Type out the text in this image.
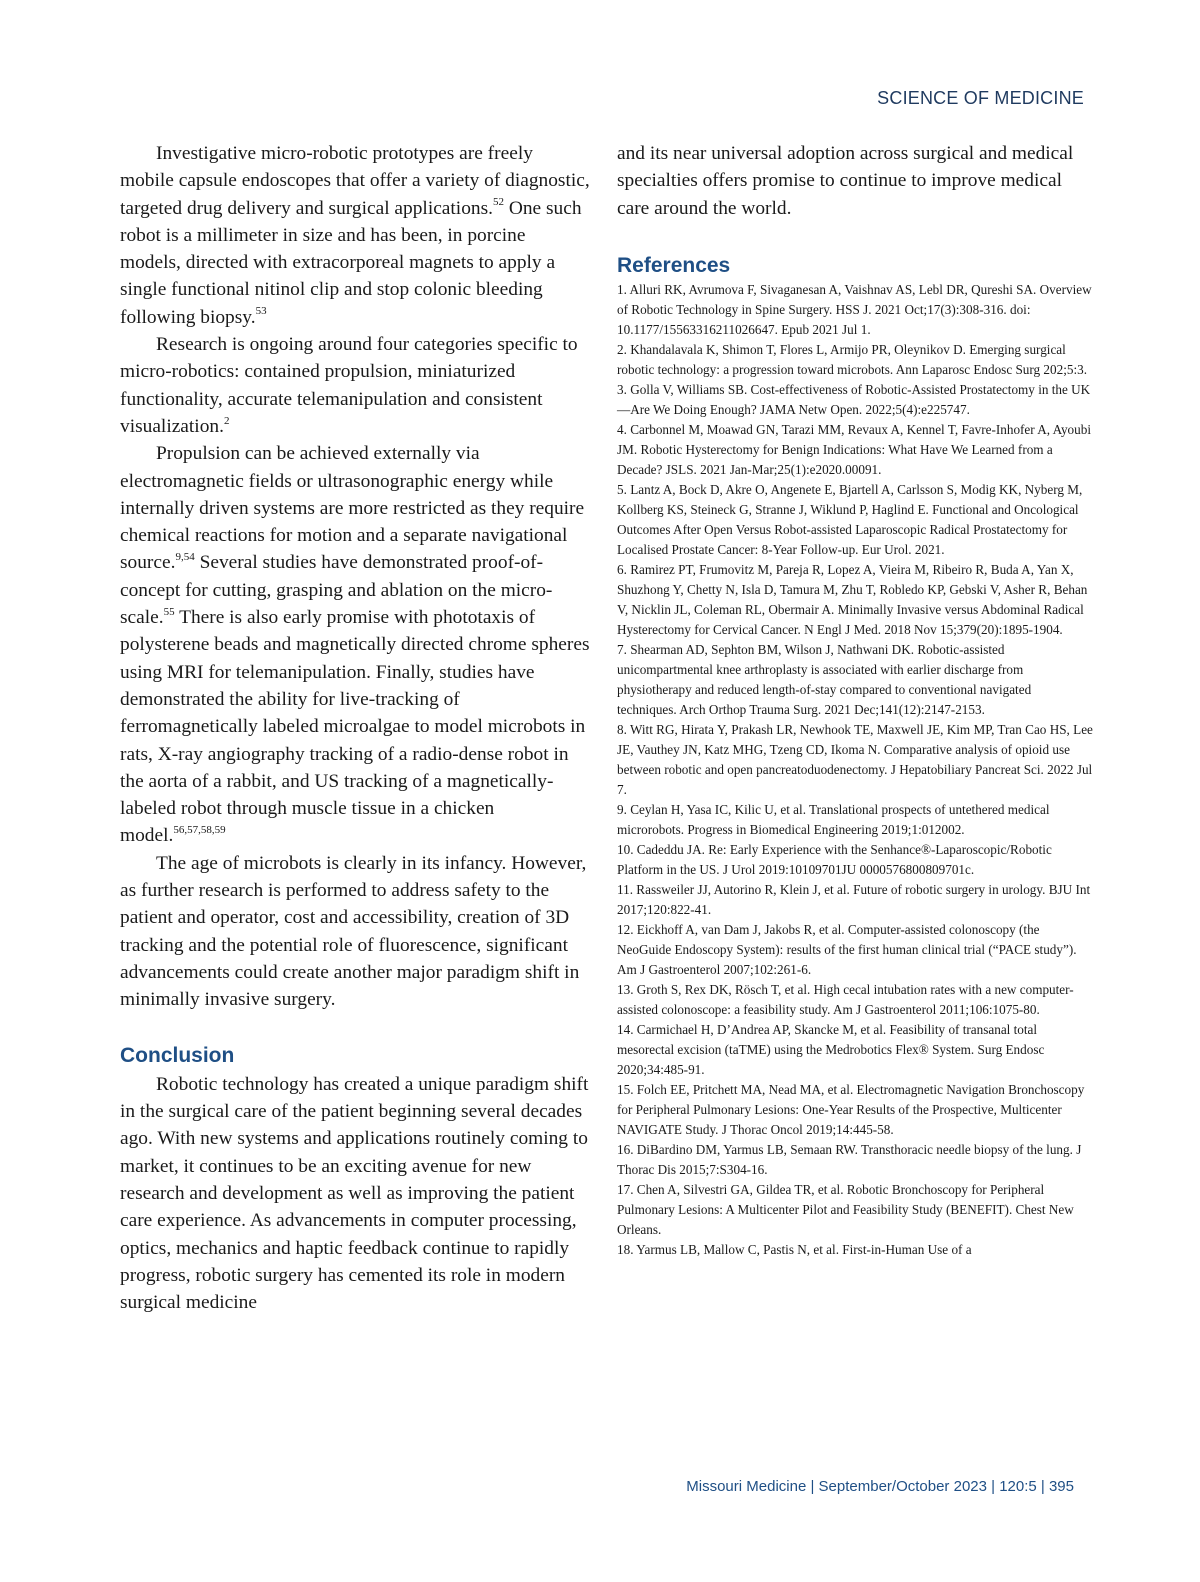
SCIENCE OF MEDICINE

Investigative micro-robotic prototypes are freely mobile capsule endoscopes that offer a variety of diagnostic, targeted drug delivery and surgical applications.$^{52}$ One such robot is a millimeter in size and has been, in porcine models, directed with extracorporeal magnets to apply a single functional nitinol clip and stop colonic bleeding following biopsy.$^{53}$

Research is ongoing around four categories specific to micro-robotics: contained propulsion, miniaturized functionality, accurate telemanipulation and consistent visualization.$^2$

Propulsion can be achieved externally via electromagnetic fields or ultrasonographic energy while internally driven systems are more restricted as they require chemical reactions for motion and a separate navigational source.$^{9,54}$ Several studies have demonstrated proof-of-concept for cutting, grasping and ablation on the micro-scale.$^{55}$ There is also early promise with phototaxis of polysterene beads and magnetically directed chrome spheres using MRI for telemanipulation. Finally, studies have demonstrated the ability for live-tracking of ferromagnetically labeled microalgae to model microbots in rats, X-ray angiography tracking of a radio-dense robot in the aorta of a rabbit, and US tracking of a magnetically-labeled robot through muscle tissue in a chicken model.$^{56,57,58,59}$

The age of microbots is clearly in its infancy. However, as further research is performed to address safety to the patient and operator, cost and accessibility, creation of 3D tracking and the potential role of fluorescence, significant advancements could create another major paradigm shift in minimally invasive surgery.

Conclusion

Robotic technology has created a unique paradigm shift in the surgical care of the patient beginning several decades ago. With new systems and applications routinely coming to market, it continues to be an exciting avenue for new research and development as well as improving the patient care experience. As advancements in computer processing, optics, mechanics and haptic feedback continue to rapidly progress, robotic surgery has cemented its role in modern surgical medicine

and its near universal adoption across surgical and medical specialties offers promise to continue to improve medical care around the world.

References

1. Alluri RK, Avrumova F, Sivaganesan A, Vaishnav AS, Lebl DR, Qureshi SA. Overview of Robotic Technology in Spine Surgery. HSS J. 2021 Oct;17(3):308-316. doi: 10.1177/15563316211026647. Epub 2021 Jul 1.

2. Khandalavala K, Shimon T, Flores L, Armijo PR, Oleynikov D. Emerging surgical robotic technology: a progression toward microbots. Ann Laparosc Endosc Surg 202;5:3.

3. Golla V, Williams SB. Cost-effectiveness of Robotic-Assisted Prostatectomy in the UK—Are We Doing Enough? JAMA Netw Open. 2022;5(4):e225747.

4. Carbonnel M, Moawad GN, Tarazi MM, Revaux A, Kennel T, Favre-Inhofer A, Ayoubi JM. Robotic Hysterectomy for Benign Indications: What Have We Learned from a Decade? JSLS. 2021 Jan-Mar;25(1):e2020.00091.

5. Lantz A, Bock D, Akre O, Angenete E, Bjartell A, Carlsson S, Modig KK, Nyberg M, Kollberg KS, Steineck G, Stranne J, Wiklund P, Haglind E. Functional and Oncological Outcomes After Open Versus Robot-assisted Laparoscopic Radical Prostatectomy for Localised Prostate Cancer: 8-Year Follow-up. Eur Urol. 2021.

6. Ramirez PT, Frumovitz M, Pareja R, Lopez A, Vieira M, Ribeiro R, Buda A, Yan X, Shuzhong Y, Chetty N, Isla D, Tamura M, Zhu T, Robledo KP, Gebski V, Asher R, Behan V, Nicklin JL, Coleman RL, Obermair A. Minimally Invasive versus Abdominal Radical Hysterectomy for Cervical Cancer. N Engl J Med. 2018 Nov 15;379(20):1895-1904.

7. Shearman AD, Sephton BM, Wilson J, Nathwani DK. Robotic-assisted unicompartmental knee arthroplasty is associated with earlier discharge from physiotherapy and reduced length-of-stay compared to conventional navigated techniques. Arch Orthop Trauma Surg. 2021 Dec;141(12):2147-2153.

8. Witt RG, Hirata Y, Prakash LR, Newhook TE, Maxwell JE, Kim MP, Tran Cao HS, Lee JE, Vauthey JN, Katz MHG, Tzeng CD, Ikoma N. Comparative analysis of opioid use between robotic and open pancreatoduodenectomy. J Hepatobiliary Pancreat Sci. 2022 Jul 7.

9. Ceylan H, Yasa IC, Kilic U, et al. Translational prospects of untethered medical microrobots. Progress in Biomedical Engineering 2019;1:012002.

10. Cadeddu JA. Re: Early Experience with the Senhance®-Laparoscopic/Robotic Platform in the US. J Urol 2019:10109701JU 0000576800809701c.

11. Rassweiler JJ, Autorino R, Klein J, et al. Future of robotic surgery in urology. BJU Int 2017;120:822-41.

12. Eickhoff A, van Dam J, Jakobs R, et al. Computer-assisted colonoscopy (the NeoGuide Endoscopy System): results of the first human clinical trial (“PACE study”). Am J Gastroenterol 2007;102:261-6.

13. Groth S, Rex DK, Rösch T, et al. High cecal intubation rates with a new computer-assisted colonoscope: a feasibility study. Am J Gastroenterol 2011;106:1075-80.

14. Carmichael H, D’Andrea AP, Skancke M, et al. Feasibility of transanal total mesorectal excision (taTME) using the Medrobotics Flex® System. Surg Endosc 2020;34:485-91.

15. Folch EE, Pritchett MA, Nead MA, et al. Electromagnetic Navigation Bronchoscopy for Peripheral Pulmonary Lesions: One-Year Results of the Prospective, Multicenter NAVIGATE Study. J Thorac Oncol 2019;14:445-58.

16. DiBardino DM, Yarmus LB, Semaan RW. Transthoracic needle biopsy of the lung. J Thorac Dis 2015;7:S304-16.

17. Chen A, Silvestri GA, Gildea TR, et al. Robotic Bronchoscopy for Peripheral Pulmonary Lesions: A Multicenter Pilot and Feasibility Study (BENEFIT). Chest New Orleans.

18. Yarmus LB, Mallow C, Pastis N, et al. First-in-Human Use of a

Missouri Medicine | September/October 2023 | 120:5 | 395
